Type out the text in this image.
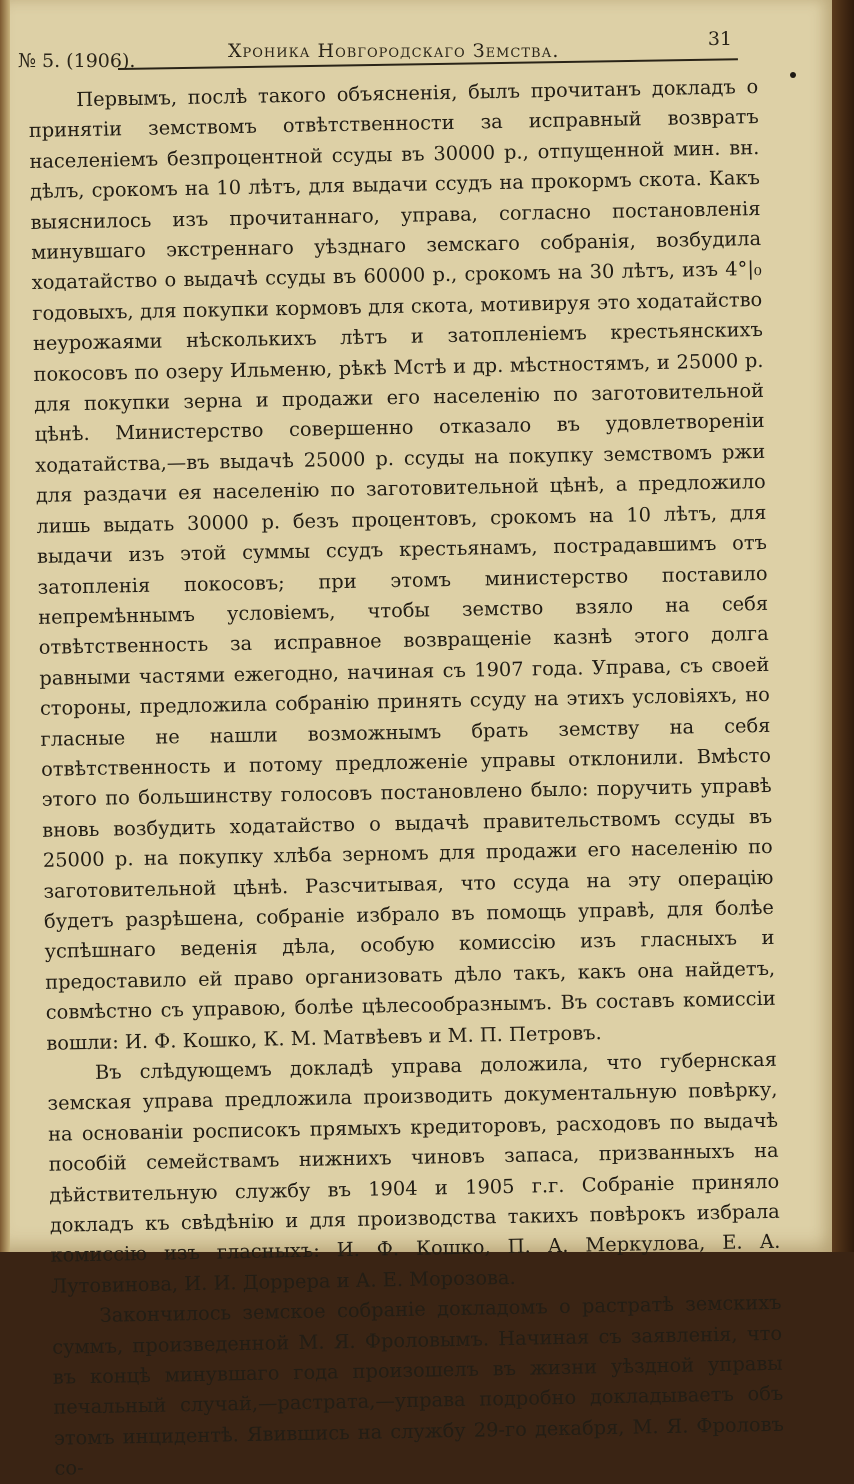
№ 5. (1906).	Хроника Новгородскаго Земства.
31

Первымъ, послѣ такого объясненія, былъ прочитанъ докладъ о принятіи земствомъ отвѣтственности за исправный возвратъ населеніемъ безпроцентной ссуды въ 30000 р., отпущенной мин. вн. дѣлъ, срокомъ на 10 лѣтъ, для выдачи ссудъ на прокормъ скота. Какъ выяснилось изъ прочитаннаго, управа, согласно постановленія минувшаго экстреннаго уѣзднаго земскаго собранія, возбудила ходатайство о выдачѣ ссуды въ 60000 р., срокомъ на 30 лѣтъ, изъ 4°|₀ годовыхъ, для покупки кормовъ для скота, мотивируя это ходатайство неурожаями нѣсколькихъ лѣтъ и затопленіемъ крестьянскихъ покосовъ по озеру Ильменю, рѣкѣ Мстѣ и др. мѣстностямъ, и 25000 р. для покупки зерна и продажи его населенію по заготовительной цѣнѣ. Министерство совершенно отказало въ удовлетвореніи ходатайства,—въ выдачѣ 25000 р. ссуды на покупку земствомъ ржи для раздачи ея населенію по заготовительной цѣнѣ, а предложило лишь выдать 30000 р. безъ процентовъ, срокомъ на 10 лѣтъ, для выдачи изъ этой суммы ссудъ крестьянамъ, пострадавшимъ отъ затопленія покосовъ; при этомъ министерство поставило непремѣннымъ условіемъ, чтобы земство взяло на себя отвѣтственность за исправное возвращеніе казнѣ этого долга равными частями ежегодно, начиная съ 1907 года. Управа, съ своей стороны, предложила собранію принять ссуду на этихъ условіяхъ, но гласные не нашли возможнымъ брать земству на себя отвѣтственность и потому предложеніе управы отклонили. Вмѣсто этого по большинству голосовъ постановлено было: поручить управѣ вновь возбудить ходатайство о выдачѣ правительствомъ ссуды въ 25000 р. на покупку хлѣба зерномъ для продажи его населенію по заготовительной цѣнѣ. Разсчитывая, что ссуда на эту операцію будетъ разрѣшена, собраніе избрало въ помощь управѣ, для болѣе успѣшнаго веденія дѣла, особую комиссію изъ гласныхъ и предоставило ей право организовать дѣло такъ, какъ она найдетъ, совмѣстно съ управою, болѣе цѣлесообразнымъ. Въ составъ комиссіи вошли: И. Ф. Кошко, К. М. Матвѣевъ и М. П. Петровъ.

Въ слѣдующемъ докладѣ управа доложила, что губернская земская управа предложила производить документальную повѣрку, на основаніи росписокъ прямыхъ кредиторовъ, расходовъ по выдачѣ пособій семействамъ нижнихъ чиновъ запаса, призванныхъ на дѣйствительную службу въ 1904 и 1905 г.г. Собраніе приняло докладъ къ свѣдѣнію и для производства такихъ повѣрокъ избрала комиссію изъ гласныхъ: И. Ф. Кошко, П. А. Меркулова, Е. А. Лутовинова, И. И. Доррера и А. Е. Морозова.

Закончилось земское собраніе докладомъ о растратѣ земскихъ суммъ, произведенной М. Я. Фроловымъ. Начиная съ заявленія, что въ концѣ минувшаго года произошелъ въ жизни уѣздной управы печальный случай,—растрата,—управа подробно докладываетъ объ этомъ инцидентѣ. Явившись на службу 29-го декабря, М. Я. Фроловъ со-
